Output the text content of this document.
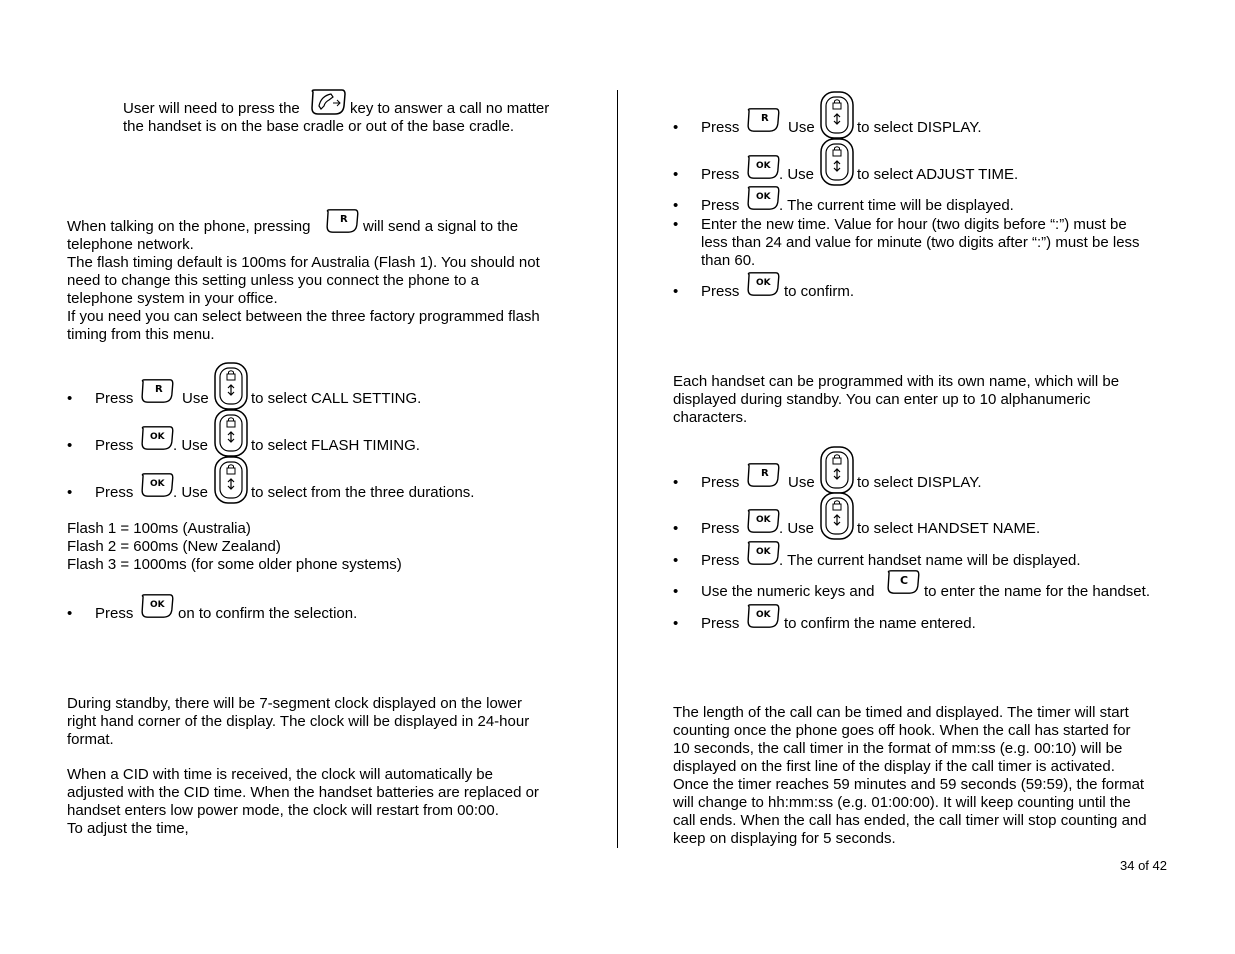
User will need to press the	key to answer a call no matter
the handset is on the base cradle or out of the base cradle.
When talking on the phone, pressing	R will send a signal to the
telephone network.
The flash timing default is 100ms for Australia (Flash 1). You should not
need to change this setting unless you connect the phone to a
telephone system in your office.
If you need you can select between the three factory programmed flash
timing from this menu.
• Press
R
Use	to select CALL SETTING.
• Press OK . Use	to select FLASH TIMING.
• Press OK . Use	to select from the three durations.
Flash 1 = 100ms (Australia)
Flash 2 = 600ms (New Zealand)
Flash 3 = 1000ms (for some older phone systems)
• Press OK on to confirm the selection.
During standby, there will be 7-segment clock displayed on the lower
right hand corner of the display. The clock will be displayed in 24-hour
format.
When a CID with time is received, the clock will automatically be
adjusted with the CID time. When the handset batteries are replaced or
handset enters low power mode, the clock will restart from 00:00.
To adjust the time,
• Press
R
Use	to select DISPLAY.
• Press OK . Use	to select ADJUST TIME.
• Press OK . The current time will be displayed.
• Enter the new time. Value for hour (two digits before “:”) must be
less than 24 and value for minute (two digits after “:”) must be less
than 60.
• Press OK to confirm.
Each handset can be programmed with its own name, which will be
displayed during standby. You can enter up to 10 alphanumeric
characters.
• Press
R
Use	to select DISPLAY.
• Press OK . Use	to select HANDSET NAME.
• Press OK . The current handset name will be displayed.
• Use the numeric keys and
C
to enter the name for the handset.
• Press OK to confirm the name entered.
The length of the call can be timed and displayed. The timer will start
counting once the phone goes off hook. When the call has started for
10 seconds, the call timer in the format of mm:ss (e.g. 00:10) will be
displayed on the first line of the display if the call timer is activated.
Once the timer reaches 59 minutes and 59 seconds (59:59), the format
will change to hh:mm:ss (e.g. 01:00:00). It will keep counting until the
call ends. When the call has ended, the call timer will stop counting and
keep on displaying for 5 seconds.
34 of 42
